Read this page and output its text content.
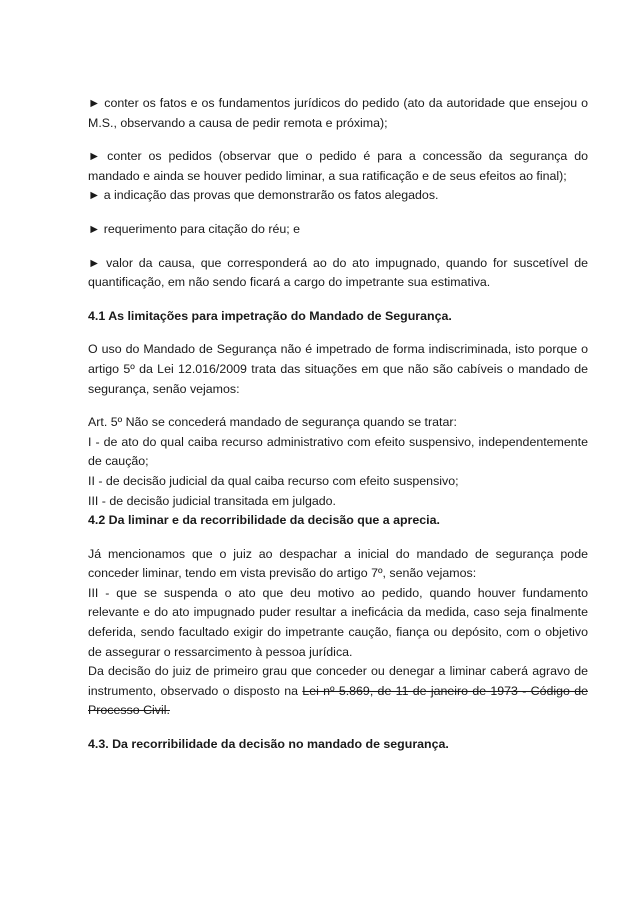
► conter os fatos e os fundamentos jurídicos do pedido (ato da autoridade que ensejou o M.S., observando a causa de pedir remota e próxima);

► conter os pedidos (observar que o pedido é para a concessão da segurança do mandado e ainda se houver pedido liminar, a sua ratificação e de seus efeitos ao final);

► a indicação das provas que demonstrarão os fatos alegados.

► requerimento para citação do réu; e

► valor da causa, que corresponderá ao do ato impugnado, quando for suscetível de quantificação, em não sendo ficará a cargo do impetrante sua estimativa.

4.1 As limitações para impetração do Mandado de Segurança.

O uso do Mandado de Segurança não é impetrado de forma indiscriminada, isto porque o artigo 5º da Lei 12.016/2009 trata das situações em que não são cabíveis o mandado de segurança, senão vejamos:

Art. 5º Não se concederá mandado de segurança quando se tratar:

I - de ato do qual caiba recurso administrativo com efeito suspensivo, independentemente de caução;

II - de decisão judicial da qual caiba recurso com efeito suspensivo;

III - de decisão judicial transitada em julgado.

4.2 Da liminar e da recorribilidade da decisão que a aprecia.

Já mencionamos que o juiz ao despachar a inicial do mandado de segurança pode conceder liminar, tendo em vista previsão do artigo 7º, senão vejamos:

III - que se suspenda o ato que deu motivo ao pedido, quando houver fundamento relevante e do ato impugnado puder resultar a ineficácia da medida, caso seja finalmente deferida, sendo facultado exigir do impetrante caução, fiança ou depósito, com o objetivo de assegurar o ressarcimento à pessoa jurídica.

Da decisão do juiz de primeiro grau que conceder ou denegar a liminar caberá agravo de instrumento, observado o disposto na Lei nº 5.869, de 11 de janeiro de 1973 - Código de Processo Civil.

4.3. Da recorribilidade da decisão no mandado de segurança.
